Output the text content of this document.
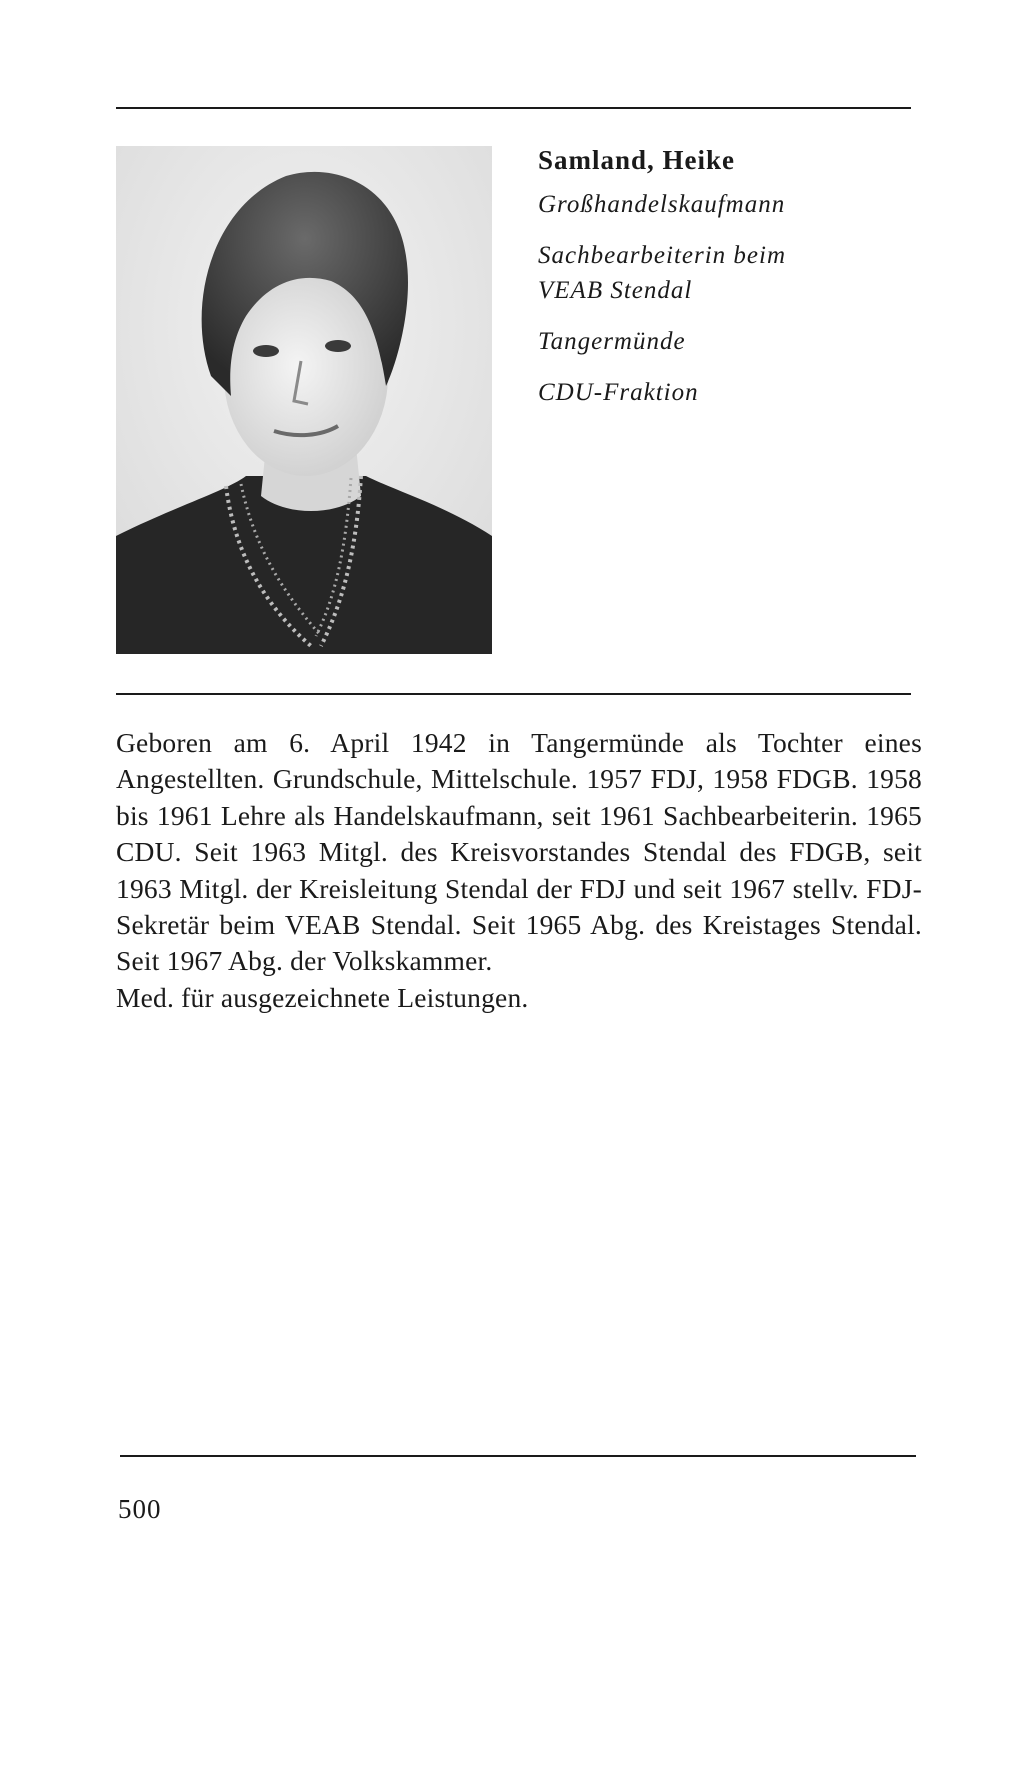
Samland, Heike
Großhandelskaufmann
Sachbearbeiterin beim
VEAB Stendal
Tangermünde
CDU-Fraktion

Geboren am 6. April 1942 in Tangermünde als Tochter eines Angestellten. Grundschule, Mittelschule. 1957 FDJ, 1958 FDGB. 1958 bis 1961 Lehre als Handelskaufmann, seit 1961 Sachbearbeiterin. 1965 CDU. Seit 1963 Mitgl. des Kreisvorstandes Stendal des FDGB, seit 1963 Mitgl. der Kreisleitung Stendal der FDJ und seit 1967 stellv. FDJ-Sekretär beim VEAB Stendal. Seit 1965 Abg. des Kreistages Stendal. Seit 1967 Abg. der Volkskammer.

Med. für ausgezeichnete Leistungen.

500
